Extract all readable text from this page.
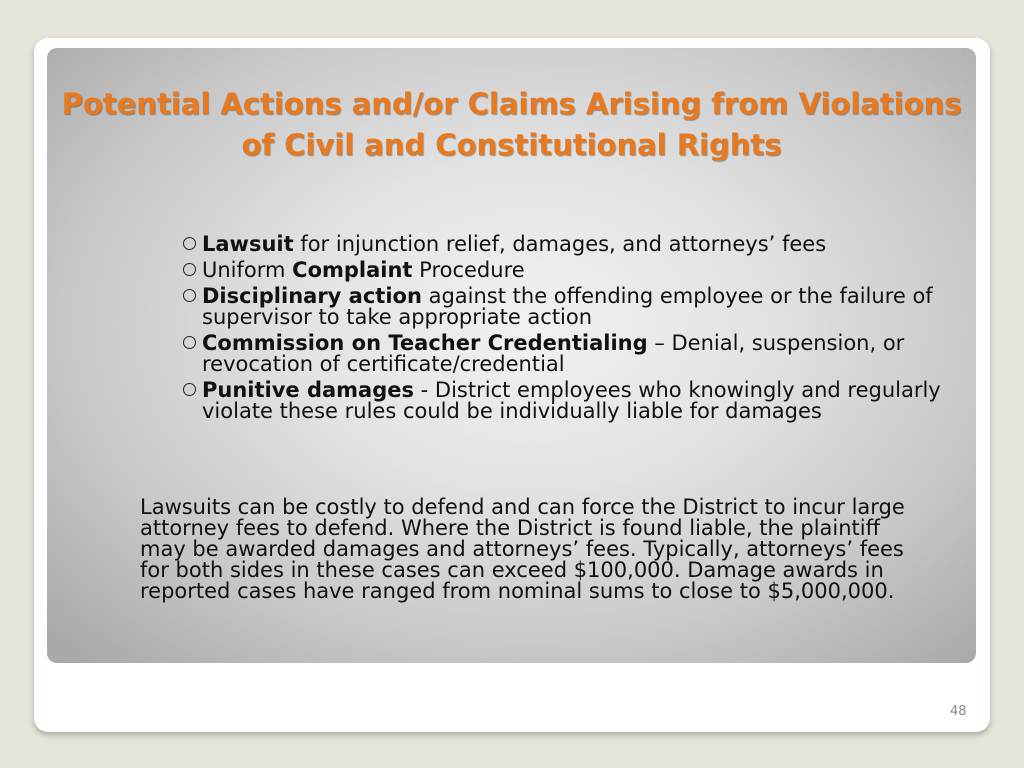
Potential Actions and/or Claims Arising from Violations of Civil and Constitutional Rights
Lawsuit for injunction relief, damages, and attorneys’ fees
Uniform Complaint Procedure
Disciplinary action against the offending employee or the failure of supervisor to take appropriate action
Commission on Teacher Credentialing – Denial, suspension, or revocation of certificate/credential
Punitive damages - District employees who knowingly and regularly violate these rules could be individually liable for damages

Lawsuits can be costly to defend and can force the District to incur large attorney fees to defend. Where the District is found liable, the plaintiff may be awarded damages and attorneys’ fees. Typically, attorneys’ fees for both sides in these cases can exceed $100,000. Damage awards in reported cases have ranged from nominal sums to close to $5,000,000.

48
